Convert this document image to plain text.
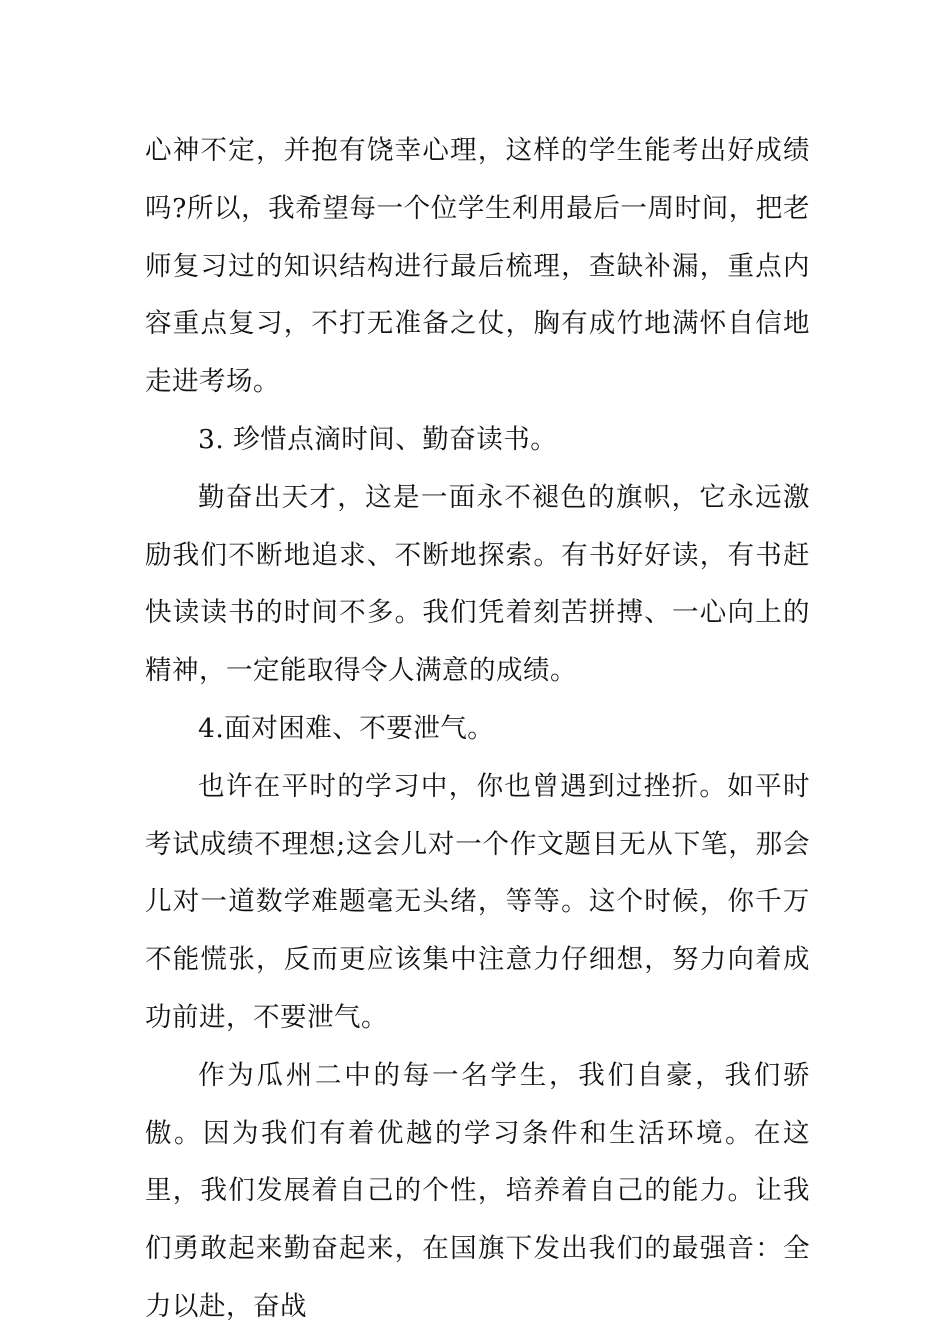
心神不定，并抱有饶幸心理，这样的学生能考出好成绩吗?所以，我希望每一个位学生利用最后一周时间，把老师复习过的知识结构进行最后梳理，查缺补漏，重点内容重点复习，不打无准备之仗，胸有成竹地满怀自信地走进考场。

3. 珍惜点滴时间、勤奋读书。

勤奋出天才，这是一面永不褪色的旗帜，它永远激励我们不断地追求、不断地探索。有书好好读，有书赶快读读书的时间不多。我们凭着刻苦拼搏、一心向上的精神，一定能取得令人满意的成绩。

4.面对困难、不要泄气。

也许在平时的学习中，你也曾遇到过挫折。如平时考试成绩不理想;这会儿对一个作文题目无从下笔，那会儿对一道数学难题毫无头绪，等等。这个时候，你千万不能慌张，反而更应该集中注意力仔细想，努力向着成功前进，不要泄气。

作为瓜州二中的每一名学生，我们自豪，我们骄傲。因为我们有着优越的学习条件和生活环境。在这里，我们发展着自己的个性，培养着自己的能力。让我们勇敢起来勤奋起来，在国旗下发出我们的最强音：全力以赴，奋战
